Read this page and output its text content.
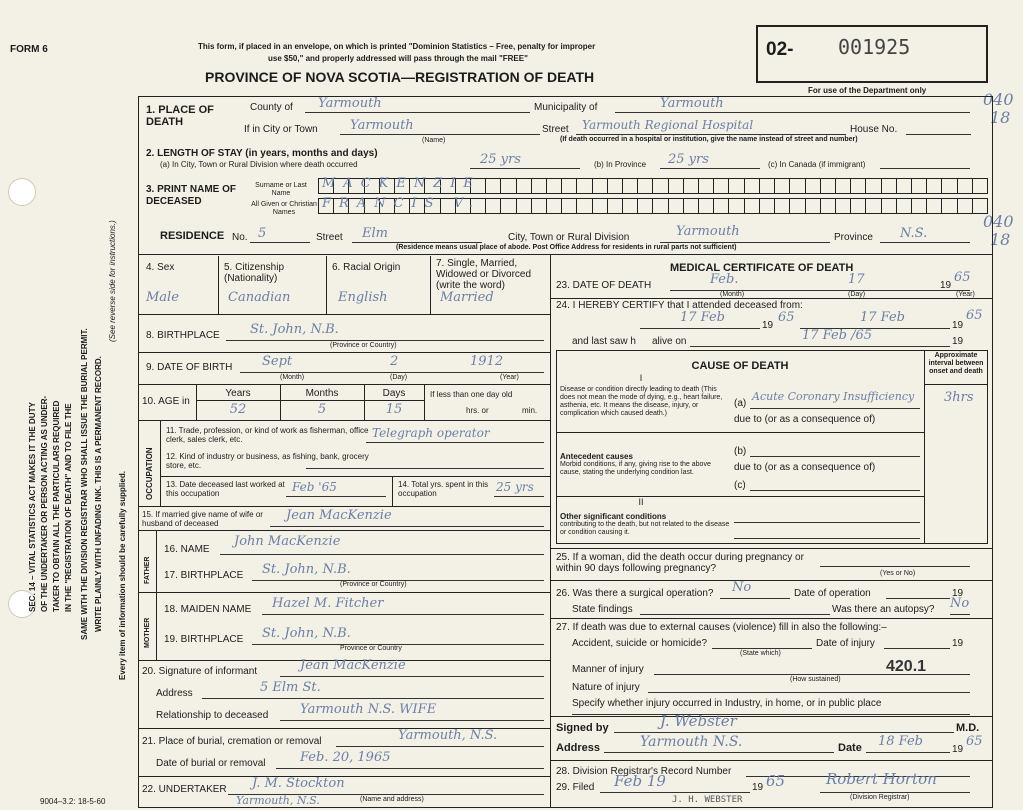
FORM 6	This form, if placed in an envelope, on which is printed "Dominion Statistics – Free, penalty for improper
use $50," and properly addressed will pass through the mail "FREE"
PROVINCE OF NOVA SCOTIA—REGISTRATION OF DEATH
02- 001925
For use of the Department only	040
18
040
18
SEC. 14 – VITAL STATISTICS ACT MAKES IT THE DUTY OF THE UNDERTAKER OR PERSON ACTING AS UNDER- TAKER TO OBTAIN ALL THE PARTICULARS REQUIRED IN THE "REGISTRATION OF DEATH" AND TO FILE THE SAME WITH THE DIVISION REGISTRAR WHO SHALL ISSUE THE BURIAL PERMIT. WRITE PLAINLY WITH UNFADING INK. THIS IS A PERMANENT RECORD.
(See reverse side for instructions.)
Every item of information should be carefully supplied.
1. PLACE OF DEATH
County of Yarmouth	Municipality of	Yarmouth
If in City or Town Yarmouth
(Name)
Street Yarmouth Regional Hospital	House No.
(If death occurred in a hospital or institution, give the name instead of street and number)
2. LENGTH OF STAY (in years, months and days)
(a) In City, Town or Rural Division where death occurred	25 yrs	(b) In Province 25 yrs	(c) In Canada (if immigrant)
3. PRINT NAME OF DECEASED
Surname or Last Name
MACKENZIE
All Given or Christian Names
FRANCIS V.
RESIDENCE No. 5	Street Elm	City, Town or Rural Division	Yarmouth	Province N.S.
(Residence means usual place of abode. Post Office Address for residents in rural parts not sufficient)
4. Sex
Male
5. Citizenship (Nationality)
Canadian
6. Racial Origin
English
7. Single, Married, Widowed or Divorced (write the word)
Married
8. BIRTHPLACE St. John, N.B.
(Province or Country)
9. DATE OF BIRTH Sept	2	1912
(Month)	(Day)	(Year)
10. AGE in
Years	Months	Days
52	5	15
If less than one day old
hrs. or	min.
OCCUPATION
11. Trade, profession, or kind of work as fisherman, office clerk, sales clerk, etc.	Telegraph operator
12. Kind of industry or business, as fishing, bank, grocery store, etc.
13. Date deceased last worked at this occupation	Feb '65	14. Total yrs. spent in this occupation	25 yrs
15. If married give name of wife or husband of deceased
Jean MacKenzie
FATHER
16. NAME
John MacKenzie
17. BIRTHPLACE St. John, N.B.
(Province or Country)
MOTHER
18. MAIDEN NAME Hazel M. Fitcher
19. BIRTHPLACE St. John, N.B.
Province or Country
20. Signature of informant	Jean MacKenzie
Address	5 Elm St.
Relationship to deceased Yarmouth N.S. WIFE
21. Place of burial, cremation or removal	Yarmouth, N.S.
Date of burial or removal	Feb. 20, 1965
22. UNDERTAKER J. M. Stockton
(Name and address)
Yarmouth, N.S.
MEDICAL CERTIFICATE OF DEATH
23. DATE OF DEATH	Feb.	17	19
65
(Month)	(Day)	(Year)
24. I HEREBY CERTIFY that I attended deceased from:
17 Feb
19
65	17 Feb
19
65
and last saw h alive on	17 Feb /65	19
CAUSE OF DEATH
Approximate interval between onset and death
I
Disease or condition directly leading to death (This does not mean the mode of dying, e.g., heart failure, asthenia, etc. It means the disease, injury, or complication which caused death.)
(a)
Acute Coronary Insufficiency 3hrs
due to (or as a consequence of)
(b)
Antecedent causes
Morbid conditions, if any, giving rise to the above cause, stating the underlying condition last.	due to (or as a consequence of)
(c)
II
Other significant conditions
contributing to the death, but not related to the disease or condition causing it.
25. If a woman, did the death occur during pregnancy or within 90 days following pregnancy?	(Yes or No)
26. Was there a surgical operation? No	Date of operation	19
State findings	Was there an autopsy? No
27. If death was due to external causes (violence) fill in also the following:–
Accident, suicide or homicide?	Date of injury	19
(State which)
Manner of injury	420.1
(How sustained)
Nature of injury
Specify whether injury occurred in Industry, in home, or in public place
Signed by	J. Webster	M.D.
Address	Yarmouth N.S.	Date 18 Feb
19
65
28. Division Registrar's Record Number
29. Filed Feb 19	19 65	Robert Horton
(Division Registrar)
J. H. WEBSTER
9004–3.2: 18-5-60
